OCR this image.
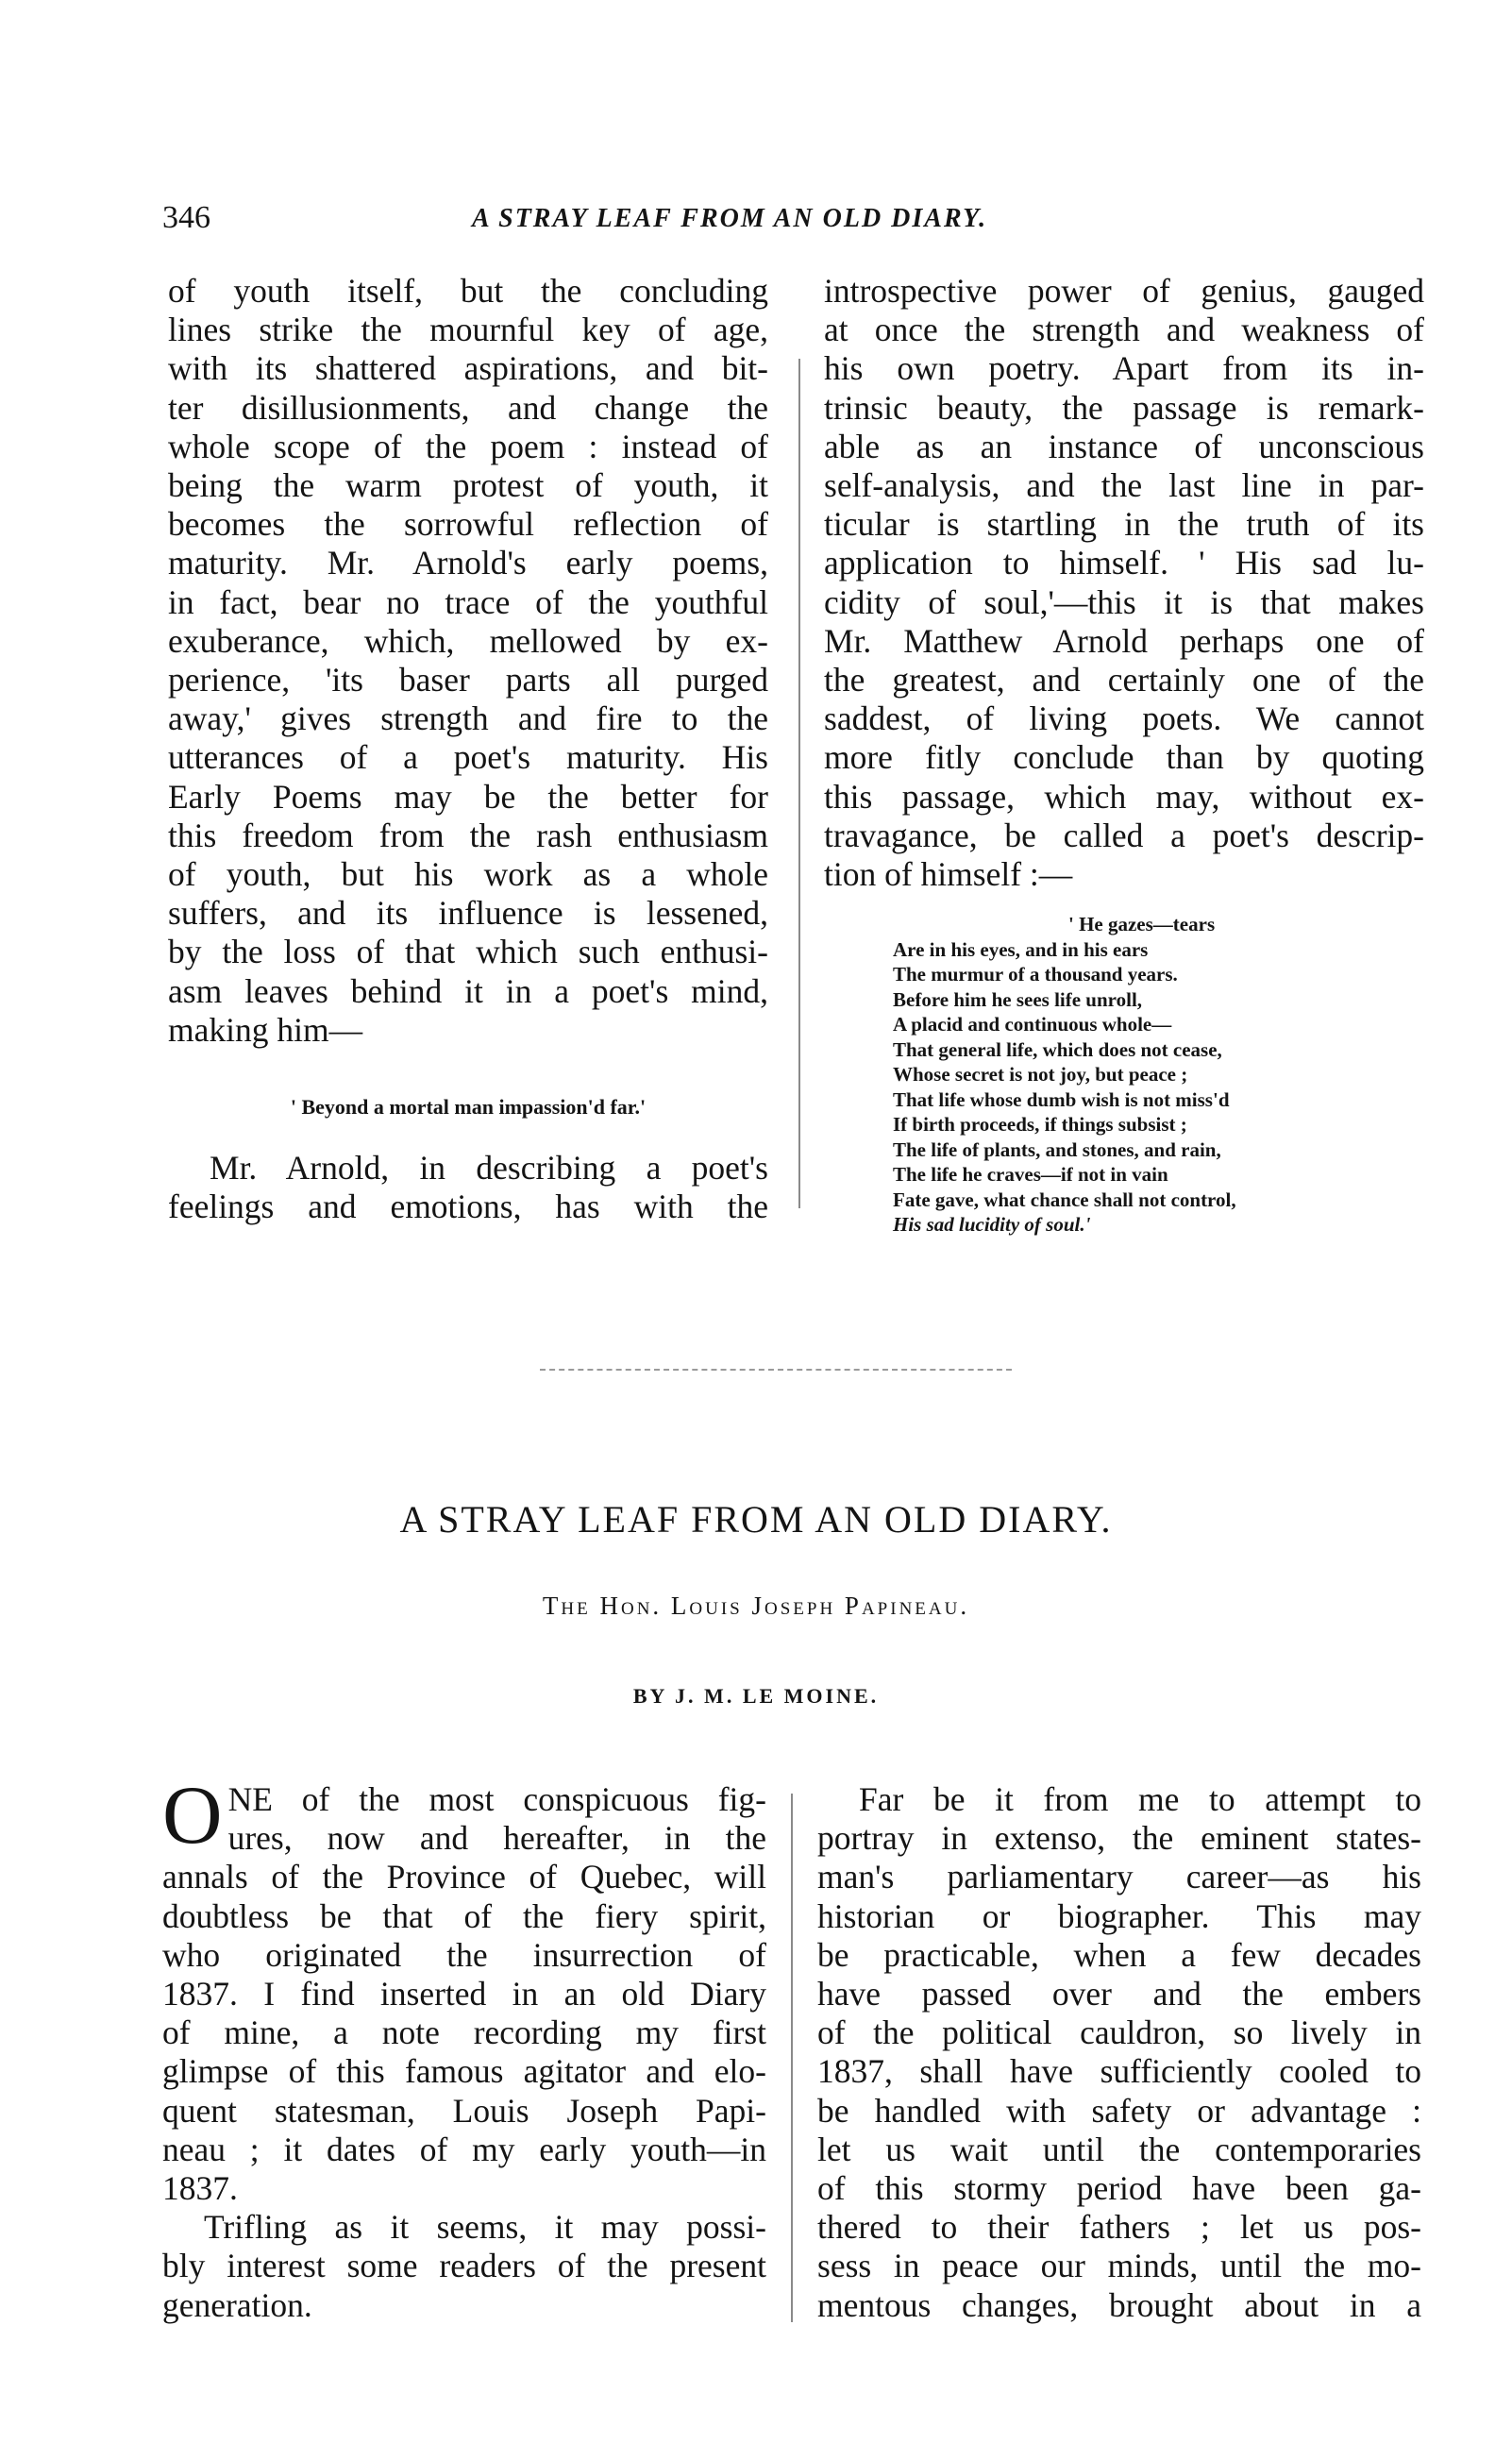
346	A STRAY LEAF FROM AN OLD DIARY.
of youth itself, but the concluding
lines strike the mournful key of age,
with its shattered aspirations, and bit-
ter disillusionments, and change the
whole scope of the poem : instead of
being the warm protest of youth, it
becomes the sorrowful reflection of
maturity. Mr. Arnold's early poems,
in fact, bear no trace of the youthful
exuberance, which, mellowed by ex-
perience, 'its baser parts all purged
away,' gives strength and fire to the
utterances of a poet's maturity. His
Early Poems may be the better for
this freedom from the rash enthusiasm
of youth, but his work as a whole
suffers, and its influence is lessened,
by the loss of that which such enthusi-
asm leaves behind it in a poet's mind,
making him—
' Beyond a mortal man impassion'd far.'
Mr. Arnold, in describing a poet's
feelings and emotions, has with the
introspective power of genius, gauged
at once the strength and weakness of
his own poetry. Apart from its in-
trinsic beauty, the passage is remark-
able as an instance of unconscious
self-analysis, and the last line in par-
ticular is startling in the truth of its
application to himself. ' His sad lu-
cidity of soul,'—this it is that makes
Mr. Matthew Arnold perhaps one of
the greatest, and certainly one of the
saddest, of living poets. We cannot
more fitly conclude than by quoting
this passage, which may, without ex-
travagance, be called a poet's descrip-
tion of himself :—
' He gazes—tears
Are in his eyes, and in his ears
The murmur of a thousand years.
Before him he sees life unroll,
A placid and continuous whole—
That general life, which does not cease,
Whose secret is not joy, but peace ;
That life whose dumb wish is not miss'd
If birth proceeds, if things subsist ;
The life of plants, and stones, and rain,
The life he craves—if not in vain
Fate gave, what chance shall not control,
His sad lucidity of soul.'
A STRAY LEAF FROM AN OLD DIARY.
The Hon. Louis Joseph Papineau.
BY J. M. LE MOINE.
O NE of the most conspicuous fig-
ures, now and hereafter, in the
annals of the Province of Quebec, will
doubtless be that of the fiery spirit,
who originated the insurrection of
1837. I find inserted in an old Diary
of mine, a note recording my first
glimpse of this famous agitator and elo-
quent statesman, Louis Joseph Papi-
neau ; it dates of my early youth—in
1837.
Trifling as it seems, it may possi-
bly interest some readers of the present
generation.
Far be it from me to attempt to
portray in extenso, the eminent states-
man's parliamentary career—as his
historian or biographer. This may
be practicable, when a few decades
have passed over and the embers
of the political cauldron, so lively in
1837, shall have sufficiently cooled to
be handled with safety or advantage :
let us wait until the contemporaries
of this stormy period have been ga-
thered to their fathers ; let us pos-
sess in peace our minds, until the mo-
mentous changes, brought about in a
